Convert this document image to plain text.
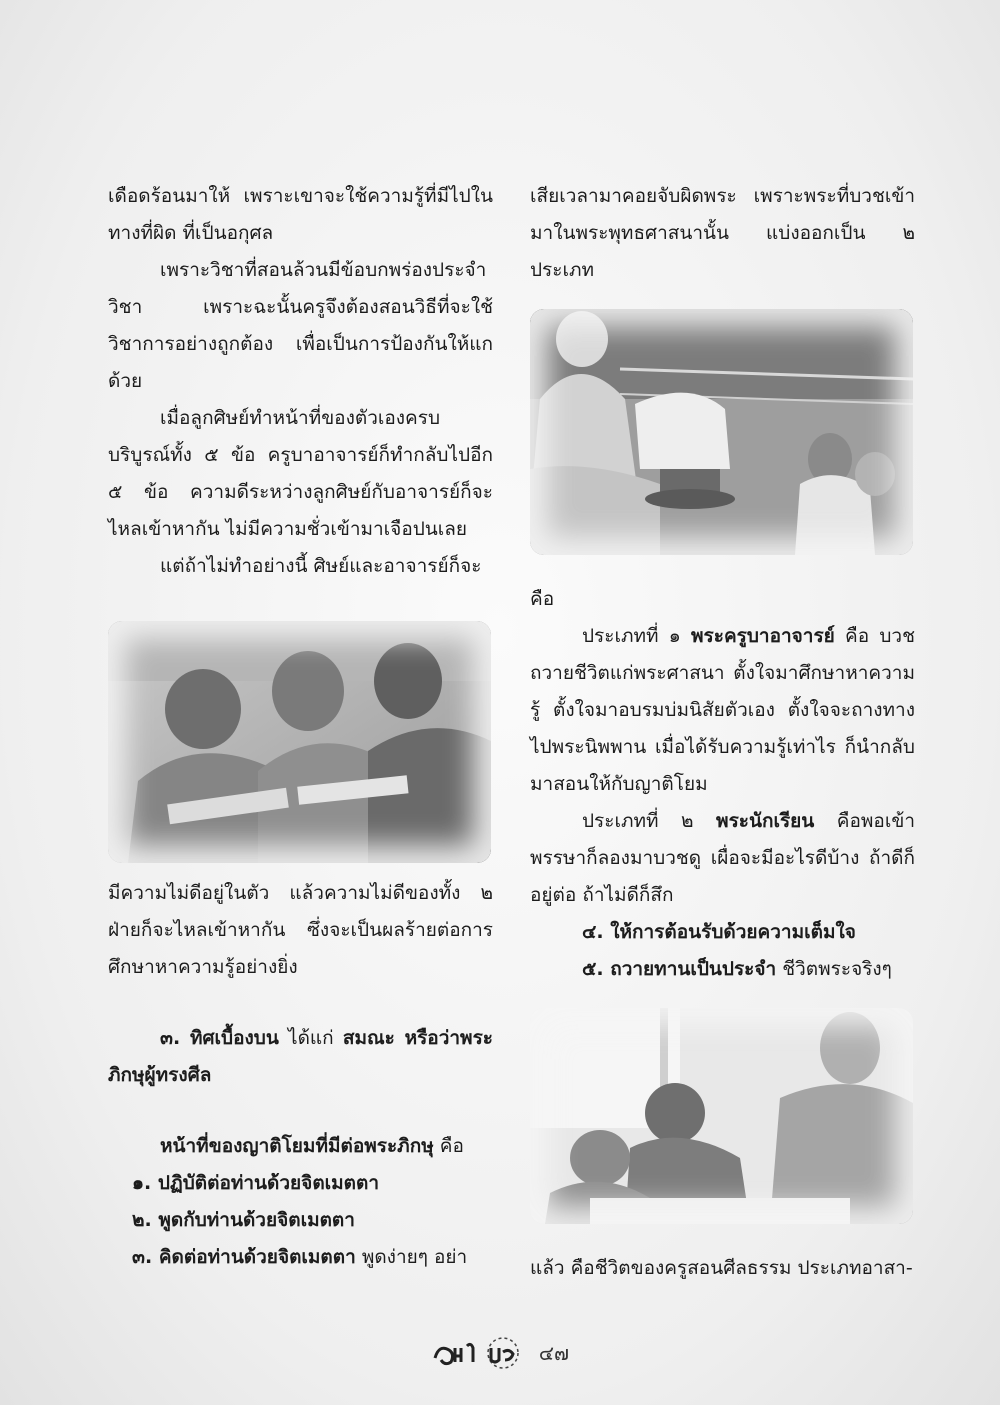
เดือดร้อนมาให้ เพราะเขาจะใช้ความรู้ที่มีไปในทางที่ผิด ที่เป็นอกุศล

เพราะวิชาที่สอนล้วนมีข้อบกพร่องประจำวิชา เพราะฉะนั้นครูจึงต้องสอนวิธีที่จะใช้วิชาการอย่างถูกต้อง เพื่อเป็นการป้องกันให้แกด้วย

เมื่อลูกศิษย์ทำหน้าที่ของตัวเองครบบริบูรณ์ทั้ง ๕ ข้อ ครูบาอาจารย์ก็ทำกลับไปอีก ๕ ข้อ ความดีระหว่างลูกศิษย์กับอาจารย์ก็จะไหลเข้าหากัน ไม่มีความชั่วเข้ามาเจือปนเลย

แต่ถ้าไม่ทำอย่างนี้ ศิษย์และอาจารย์ก็จะ

มีความไม่ดีอยู่ในตัว แล้วความไม่ดีของทั้ง ๒ ฝ่ายก็จะไหลเข้าหากัน ซึ่งจะเป็นผลร้ายต่อการศึกษาหาความรู้อย่างยิ่ง

๓. ทิศเบื้องบน ได้แก่ สมณะ หรือว่าพระภิกษุผู้ทรงศีล

หน้าที่ของญาติโยมที่มีต่อพระภิกษุ คือ

๑. ปฏิบัติต่อท่านด้วยจิตเมตตา

๒. พูดกับท่านด้วยจิตเมตตา

๓. คิดต่อท่านด้วยจิตเมตตา พูดง่ายๆ อย่า

เสียเวลามาคอยจับผิดพระ เพราะพระที่บวชเข้ามาในพระพุทธศาสนานั้น แบ่งออกเป็น ๒ ประเภท

คือ

ประเภทที่ ๑ พระครูบาอาจารย์ คือ บวชถวายชีวิตแก่พระศาสนา ตั้งใจมาศึกษาหาความรู้ ตั้งใจมาอบรมบ่มนิสัยตัวเอง ตั้งใจจะถางทางไปพระนิพพาน เมื่อได้รับความรู้เท่าไร ก็นำกลับมาสอนให้กับญาติโยม

ประเภทที่ ๒ พระนักเรียน คือพอเข้าพรรษาก็ลองมาบวชดู เผื่อจะมีอะไรดีบ้าง ถ้าดีก็อยู่ต่อ ถ้าไม่ดีก็สึก

๔. ให้การต้อนรับด้วยความเต็มใจ

๕. ถวายทานเป็นประจำ ชีวิตพระจริงๆ

แล้ว คือชีวิตของครูสอนศีลธรรม ประเภทอาสา-

๔๗
